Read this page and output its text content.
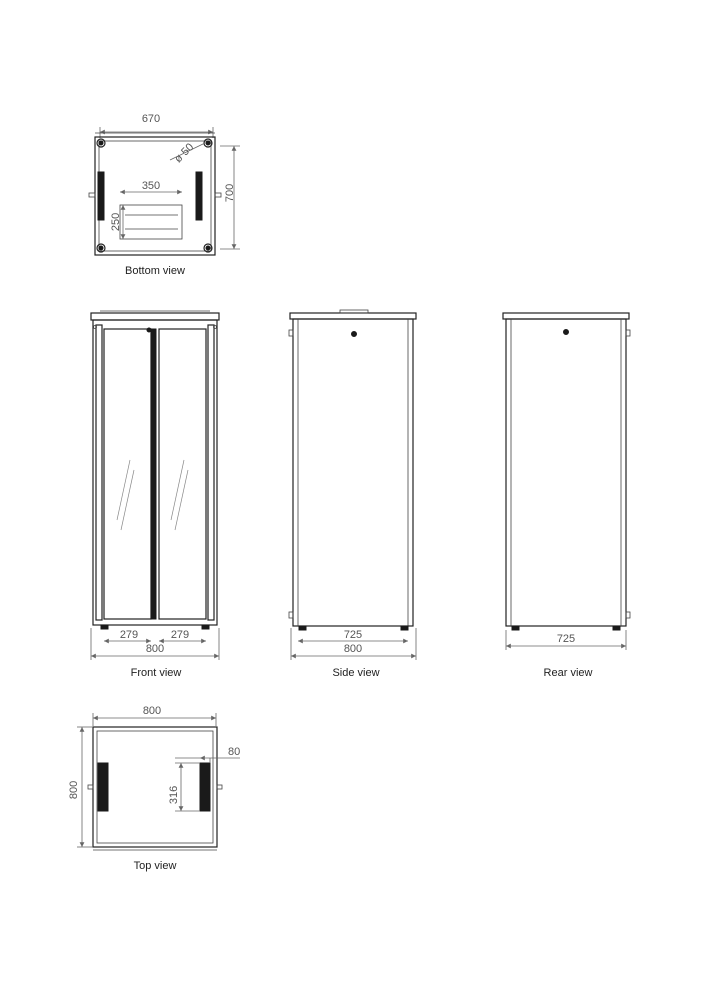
670
ø 50
350
250
700
Bottom view
279	279
800
Front view
725
800
Side view
725
Rear view
800
80
316
800
Top view
